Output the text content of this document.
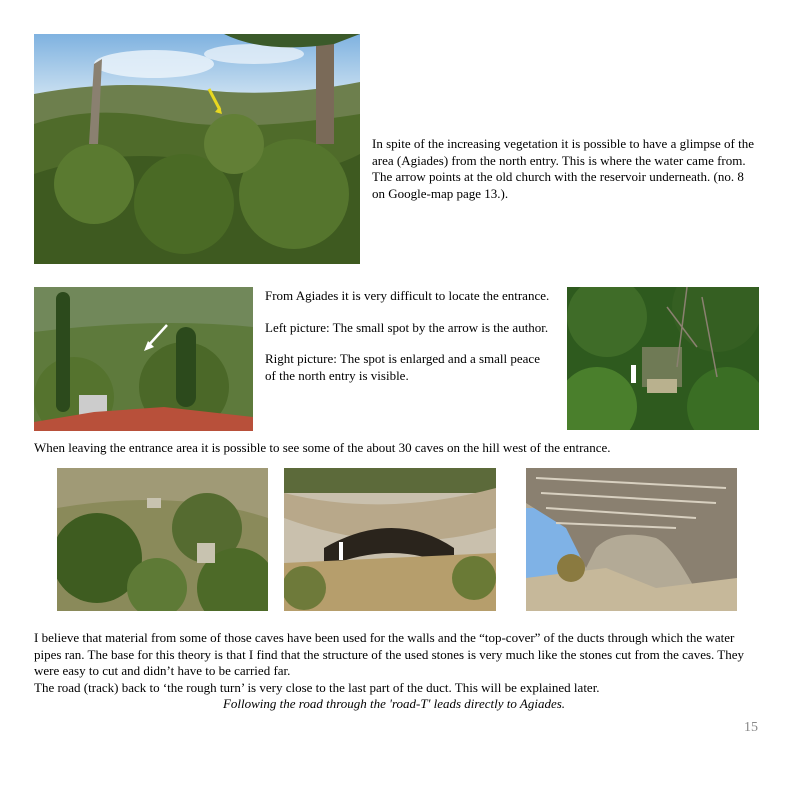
In spite of the increasing vegetation it is possible to have a glimpse of the area (Agiades) from the north entry. This is where the water came from. The arrow points at the old church with the reservoir underneath. (no. 8 on Google-map page 13.).

From Agiades it is very difficult to locate the entrance.

Left picture: The small spot by the arrow is the author.

Right picture: The spot is enlarged and a small peace of the north entry is visible.

When leaving the entrance area it is possible to see some of the about 30 caves on the hill west of the entrance.

I believe that material from some of those caves have been used for the walls and the “top-cover” of the ducts through which the water pipes ran. The base for this theory is that I find that the structure of the used stones is very much like the stones cut from the caves. They were easy to cut and didn’t have to be carried far.

The road (track) back to ‘the rough turn’ is very close to the last part of the duct. This will be explained later.

Following the road through the 'road-T' leads directly to Agiades.

15
